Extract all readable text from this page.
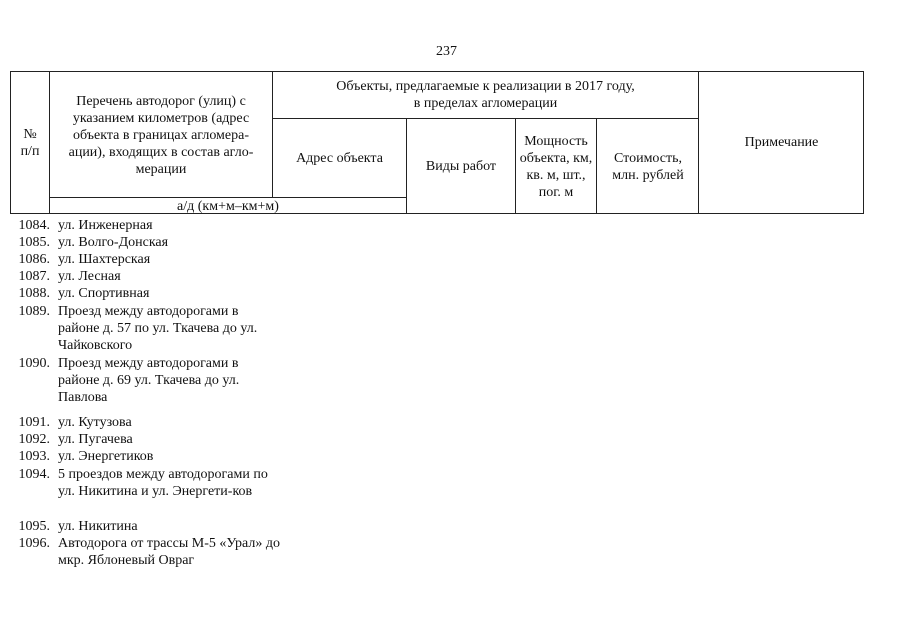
237
№
п/п
Перечень автодорог (улиц) с указанием километров (адрес объекта в границах агломера-ации), входящих в состав агло-мерации
а/д (км+м–км+м)
Объекты, предлагаемые к реализации в 2017 году,
в пределах агломерации
Адрес объекта
Виды работ
Мощность объекта, км, кв. м, шт., пог. м
Стоимость, млн. рублей
Примечание
1084. ул. Инженерная
1085. ул. Волго-Донская
1086. ул. Шахтерская
1087. ул. Лесная
1088. ул. Спортивная
1089. Проезд между автодорогами в районе д. 57 по ул. Ткачева до ул. Чайковского
1090. Проезд между автодорогами в районе д. 69 ул. Ткачева до ул. Павлова
1091. ул. Кутузова
1092. ул. Пугачева
1093. ул. Энергетиков
1094. 5 проездов между автодорогами по ул. Никитина и ул. Энергети-ков
1095. ул. Никитина
1096. Автодорога от трассы М-5 «Урал» до мкр. Яблоневый Овраг
